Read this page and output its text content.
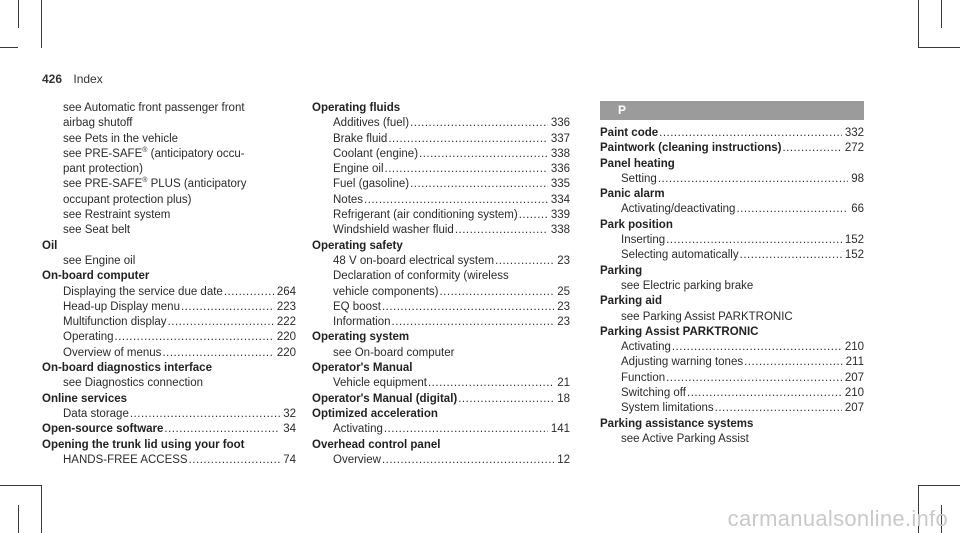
426 Index
see Automatic front passenger front
airbag shutoff
see Pets in the vehicle
see PRE-SAFE® (anticipatory occu-
pant protection)
see PRE-SAFE® PLUS (anticipatory
occupant protection plus)
see Restraint system
see Seat belt
Oil
see Engine oil
On-board computer
Displaying the service due date .....	264
Head-up Display menu .....	223
Multifunction display .....	222
Operating .....	220
Overview of menus .....	220
On-board diagnostics interface
see Diagnostics connection
Online services
Data storage .....	32
Open-source software .....	34
Opening the trunk lid using your foot
HANDS-FREE ACCESS .....	74
Operating fluids
Additives (fuel) .....	336
Brake fluid .....	337
Coolant (engine) .....	338
Engine oil .....	336
Fuel (gasoline) .....	335
Notes .....	334
Refrigerant (air conditioning system) .....	339
Windshield washer fluid .....	338
Operating safety
48 V on-board electrical system .....	23
Declaration of conformity (wireless
vehicle components) .....	25
EQ boost .....	23
Information .....	23
Operating system
see On-board computer
Operator's Manual
Vehicle equipment .....	21
Operator's Manual (digital) .....	18
Optimized acceleration
Activating .....	141
Overhead control panel
Overview .....	12
P
Paint code .....	332
Paintwork (cleaning instructions) .....	272
Panel heating
Setting .....	98
Panic alarm
Activating/deactivating .....	66
Park position
Inserting .....	152
Selecting automatically .....	152
Parking
see Electric parking brake
Parking aid
see Parking Assist PARKTRONIC
Parking Assist PARKTRONIC
Activating .....	210
Adjusting warning tones .....	211
Function .....	207
Switching off .....	210
System limitations .....	207
Parking assistance systems
see Active Parking Assist
carmanualsonline.info
